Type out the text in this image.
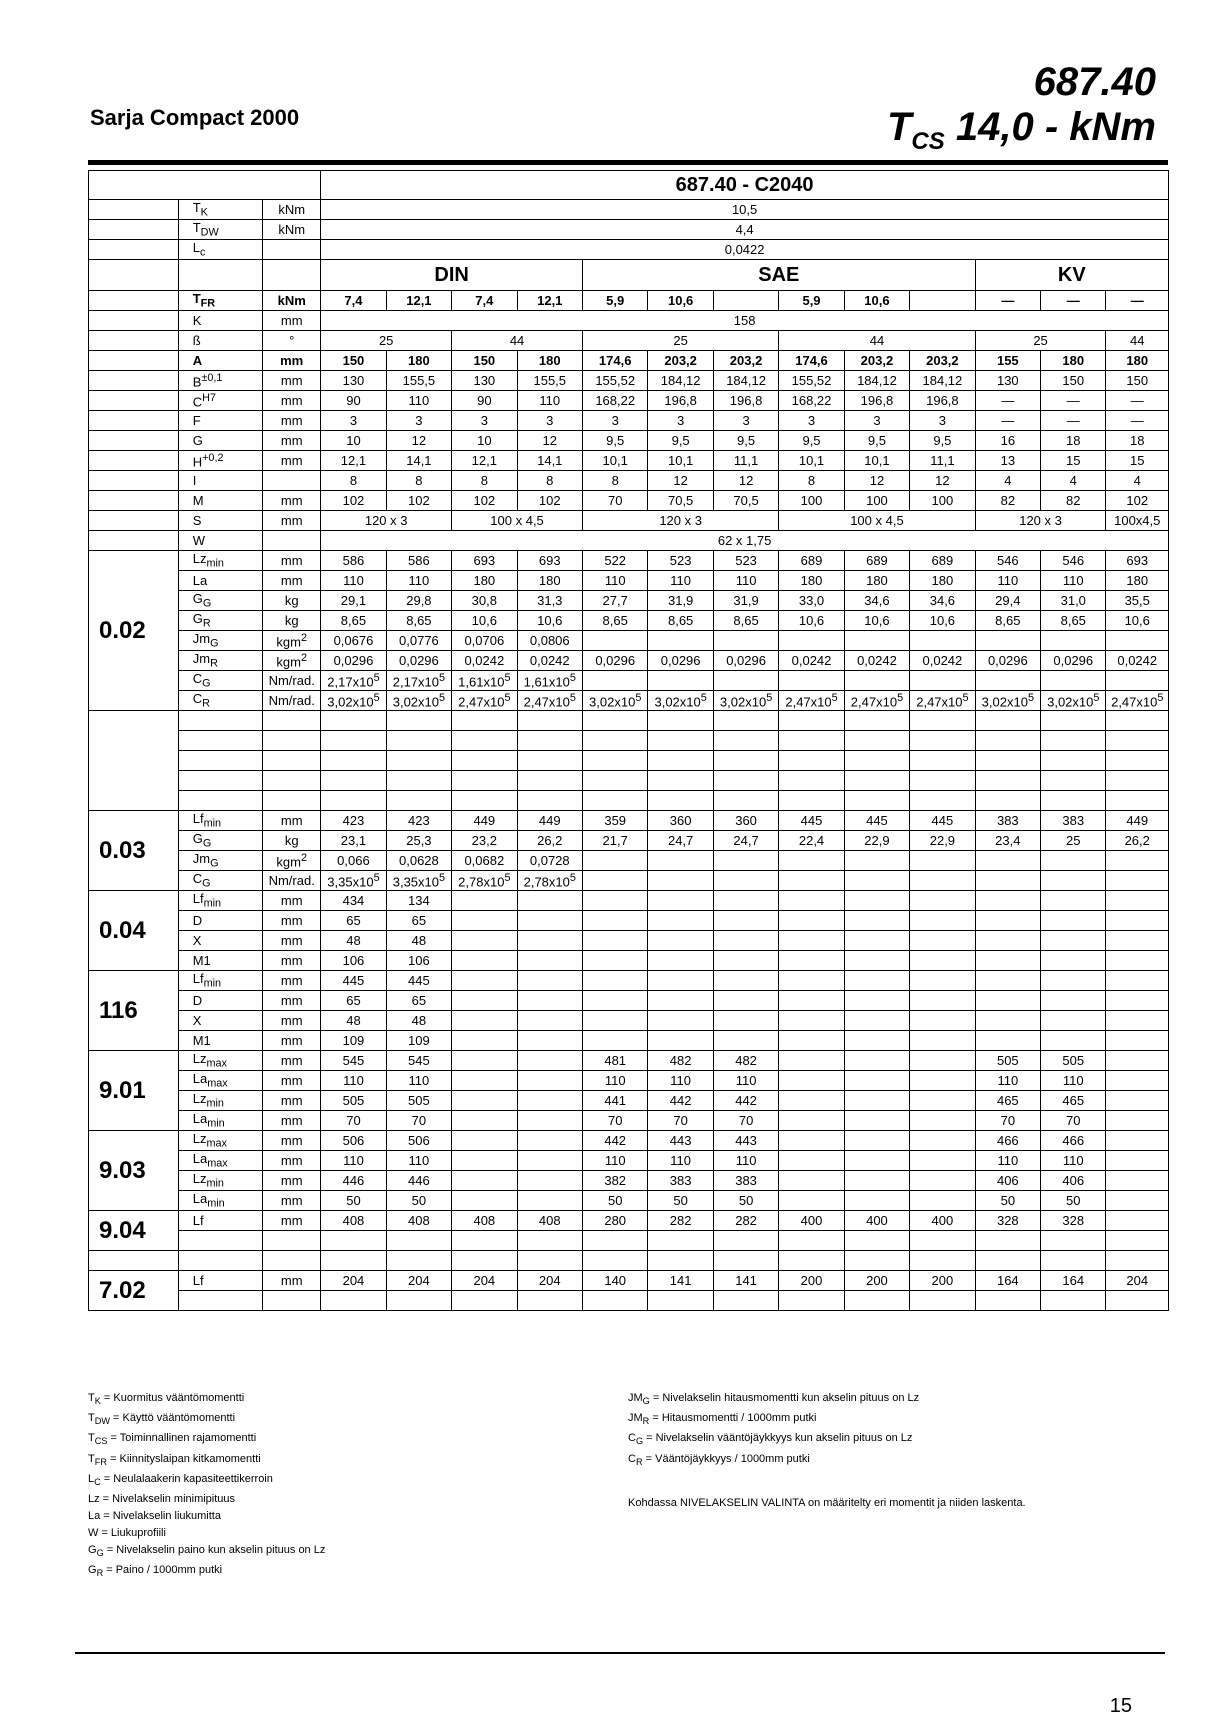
Sarja Compact 2000
687.40
$T_{CS}$ 14,0 - kNm
			687.40 - C2040												
	$T_K$	kNm	10,5												
	$T_{DW}$	kNm	4,4												
	$L_c$		0,0422												
			DIN				SAE						KV		
	$T_{FR}$	kNm	7,4	12,1	7,4	12,1	5,9	10,6		5,9	10,6		—	—	—
	K	mm	158												
	ß	°	25		44		25			44			25		44
	A	mm	150	180	150	180	174,6	203,2	203,2	174,6	203,2	203,2	155	180	180
	$B^{\pm 0,1}$	mm	130	155,5	130	155,5	155,52	184,12	184,12	155,52	184,12	184,12	130	150	150
	$C^{H7}$	mm	90	110	90	110	168,22	196,8	196,8	168,22	196,8	196,8	—	—	—
	F	mm	3	3	3	3	3	3	3	3	3	3	—	—	—
	G	mm	10	12	10	12	9,5	9,5	9,5	9,5	9,5	9,5	16	18	18
	$H^{+0,2}$	mm	12,1	14,1	12,1	14,1	10,1	10,1	11,1	10,1	10,1	11,1	13	15	15
	I		8	8	8	8	8	12	12	8	12	12	4	4	4
	M	mm	102	102	102	102	70	70,5	70,5	100	100	100	82	82	102
	S	mm	120 x 3		100 x 4,5		120 x 3			100 x 4,5			120 x 3		100x4,5
	W		62 x 1,75												
0.02	$Lz_{min}$	mm	586	586	693	693	522	523	523	689	689	689	546	546	693
	La	mm	110	110	180	180	110	110	110	180	180	180	110	110	180
	$G_G$	kg	29,1	29,8	30,8	31,3	27,7	31,9	31,9	33,0	34,6	34,6	29,4	31,0	35,5
	$G_R$	kg	8,65	8,65	10,6	10,6	8,65	8,65	8,65	10,6	10,6	10,6	8,65	8,65	10,6
	$Jm_G$	kgm$^2$	0,0676	0,0776	0,0706	0,0806									
	$Jm_R$	kgm$^2$	0,0296	0,0296	0,0242	0,0242	0,0296	0,0296	0,0296	0,0242	0,0242	0,0242	0,0296	0,0296	0,0242
	$C_G$	Nm/rad.	$2,17x10^5$	$2,17x10^5$	$1,61x10^5$	$1,61x10^5$									
	$C_R$	Nm/rad.	$3,02x10^5$	$3,02x10^5$	$2,47x10^5$	$2,47x10^5$	$3,02x10^5$	$3,02x10^5$	$3,02x10^5$	$2,47x10^5$	$2,47x10^5$	$2,47x10^5$	$3,02x10^5$	$3,02x10^5$	$2,47x10^5$

0.03	$Lf_{min}$	mm	423	423	449	449	359	360	360	445	445	445	383	383	449
	$G_G$	kg	23,1	25,3	23,2	26,2	21,7	24,7	24,7	22,4	22,9	22,9	23,4	25	26,2
	$Jm_G$	kgm$^2$	0,066	0,0628	0,0682	0,0728									
	$C_G$	Nm/rad.	$3,35x10^5$	$3,35x10^5$	$2,78x10^5$	$2,78x10^5$									
0.04	$Lf_{min}$	mm	434	134											
	D	mm	65	65											
	X	mm	48	48											
	M1	mm	106	106											
116	$Lf_{min}$	mm	445	445											
	D	mm	65	65											
	X	mm	48	48											
	M1	mm	109	109											
9.01	$Lz_{max}$	mm	545	545			481	482	482				505	505	
	$La_{max}$	mm	110	110			110	110	110				110	110	
	$Lz_{min}$	mm	505	505			441	442	442				465	465	
	$La_{min}$	mm	70	70			70	70	70				70	70	
9.03	$Lz_{max}$	mm	506	506			442	443	443				466	466	
	$La_{max}$	mm	110	110			110	110	110				110	110	
	$Lz_{min}$	mm	446	446			382	383	383				406	406	
	$La_{min}$	mm	50	50			50	50	50				50	50	
9.04	Lf	mm	408	408	408	408	280	282	282	400	400	400	328	328	

7.02	Lf	mm	204	204	204	204	140	141	141	200	200	200	164	164	204

$T_K$ = Kuormitus vääntömomentti
$T_{DW}$ = Käyttö vääntömomentti
$T_{CS}$ = Toiminnallinen rajamomentti
$T_{FR}$ = Kiinnityslaipan kitkamomentti
$L_C$ = Neulalaakerin kapasiteettikerroin
Lz = Nivelakselin minimipituus
La = Nivelakselin liukumitta
W = Liukuprofiili
$G_G$ = Nivelakselin paino kun akselin pituus on Lz
$G_R$ = Paino / 1000mm putki
$JM_G$ = Nivelakselin hitausmomentti kun akselin pituus on Lz
$JM_R$ = Hitausmomentti / 1000mm putki
$C_G$ = Nivelakselin vääntöjäykkyys kun akselin pituus on Lz
$C_R$ = Vääntöjäykkyys / 1000mm putki
Kohdassa NIVELAKSELIN VALINTA on määritelty eri momentit ja niiden laskenta.
15
